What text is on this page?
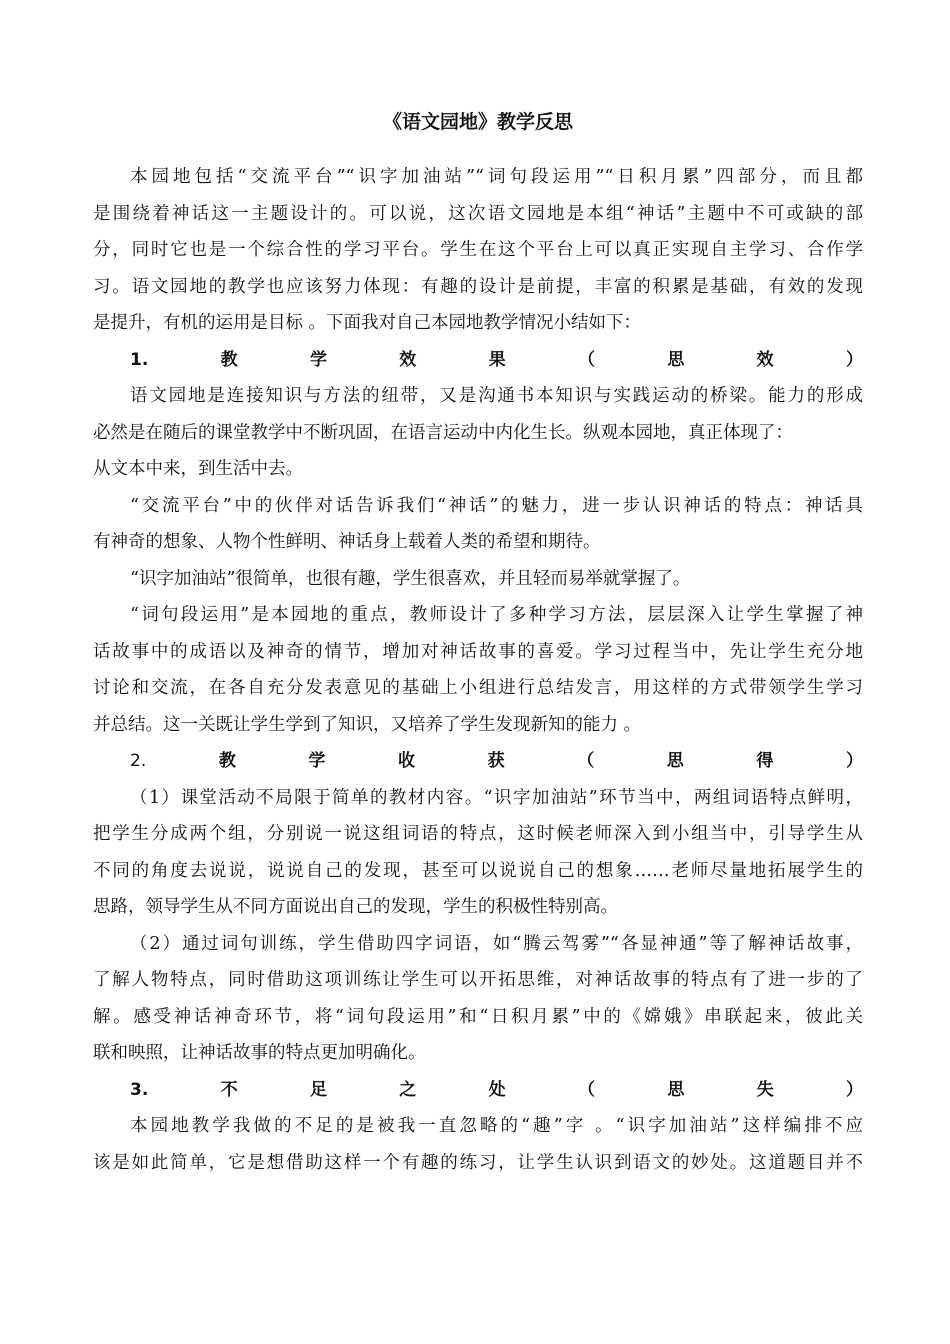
《语文园地》教学反思
本园地包括“交流平台”“识字加油站”“词句段运用”“日积月累”四部分，而且都
是围绕着神话这一主题设计的。可以说，这次语文园地是本组“神话”主题中不可或缺的部
分，同时它也是一个综合性的学习平台。学生在这个平台上可以真正实现自主学习、合作学
习。语文园地的教学也应该努力体现：有趣的设计是前提，丰富的积累是基础，有效的发现
是提升，有机的运用是目标 。下面我对自己本园地教学情况小结如下：
1.教学效果（思效）
语文园地是连接知识与方法的纽带，又是沟通书本知识与实践运动的桥梁。能力的形成
必然是在随后的课堂教学中不断巩固，在语言运动中内化生长。纵观本园地，真正体现了：
从文本中来，到生活中去。
“交流平台”中的伙伴对话告诉我们“神话”的魅力，进一步认识神话的特点：神话具
有神奇的想象、人物个性鲜明、神话身上载着人类的希望和期待。
“识字加油站”很简单，也很有趣，学生很喜欢，并且轻而易举就掌握了。
“词句段运用”是本园地的重点，教师设计了多种学习方法，层层深入让学生掌握了神
话故事中的成语以及神奇的情节，增加对神话故事的喜爱。学习过程当中，先让学生充分地
讨论和交流，在各自充分发表意见的基础上小组进行总结发言，用这样的方式带领学生学习
并总结。这一关既让学生学到了知识，又培养了学生发现新知的能力 。
2.教学收获（思得）
（1）课堂活动不局限于简单的教材内容。“识字加油站”环节当中，两组词语特点鲜明，
把学生分成两个组，分别说一说这组词语的特点，这时候老师深入到小组当中，引导学生从
不同的角度去说说，说说自己的发现，甚至可以说说自己的想象……老师尽量地拓展学生的
思路，领导学生从不同方面说出自己的发现，学生的积极性特别高。
（2）通过词句训练，学生借助四字词语，如“腾云驾雾”“各显神通”等了解神话故事，
了解人物特点，同时借助这项训练让学生可以开拓思维，对神话故事的特点有了进一步的了
解。感受神话神奇环节，将“词句段运用”和“日积月累”中的《嫦娥》串联起来，彼此关
联和映照，让神话故事的特点更加明确化。
3.不足之处（思失）
本园地教学我做的不足的是被我一直忽略的“趣”字 。“识字加油站”这样编排不应
该是如此简单，它是想借助这样一个有趣的练习，让学生认识到语文的妙处。这道题目并不
